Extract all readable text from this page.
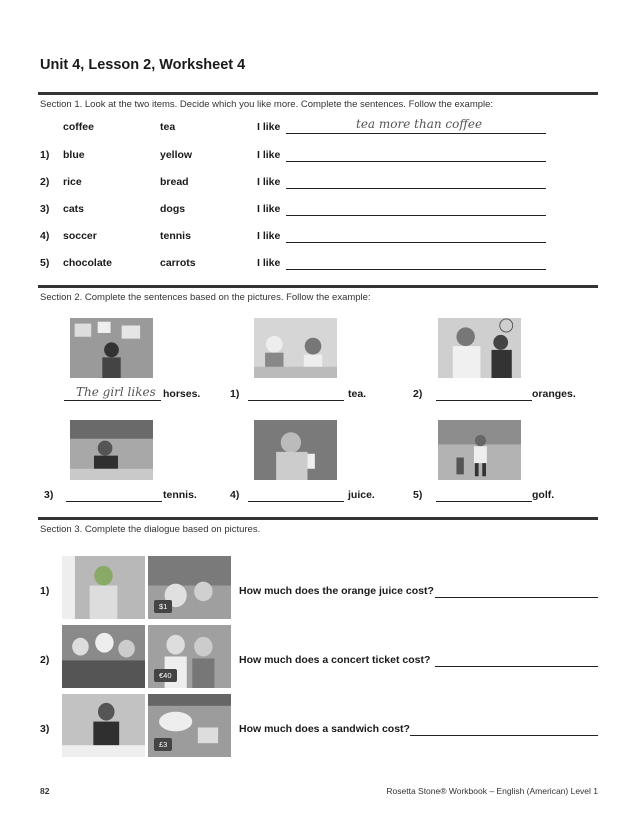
Unit 4, Lesson 2, Worksheet 4
Section 1. Look at the two items. Decide which you like more. Complete the sentences. Follow the example:
coffee	tea	I like	tea more than coffee
1) blue	yellow	I like
2) rice	bread	I like
3) cats	dogs	I like
4) soccer	tennis	I like
5) chocolate	carrots	I like
Section 2. Complete the sentences based on the pictures. Follow the example:
The girl likes horses.	1)	tea.	2)	oranges.
3)	tennis.	4)	juice.	5)	golf.
Section 3. Complete the dialogue based on pictures.
1)
$1
How much does the orange juice cost?
2)
€40
How much does a concert ticket cost?
3)
£3
How much does a sandwich cost?
82	Rosetta Stone® Workbook – English (American) Level 1
